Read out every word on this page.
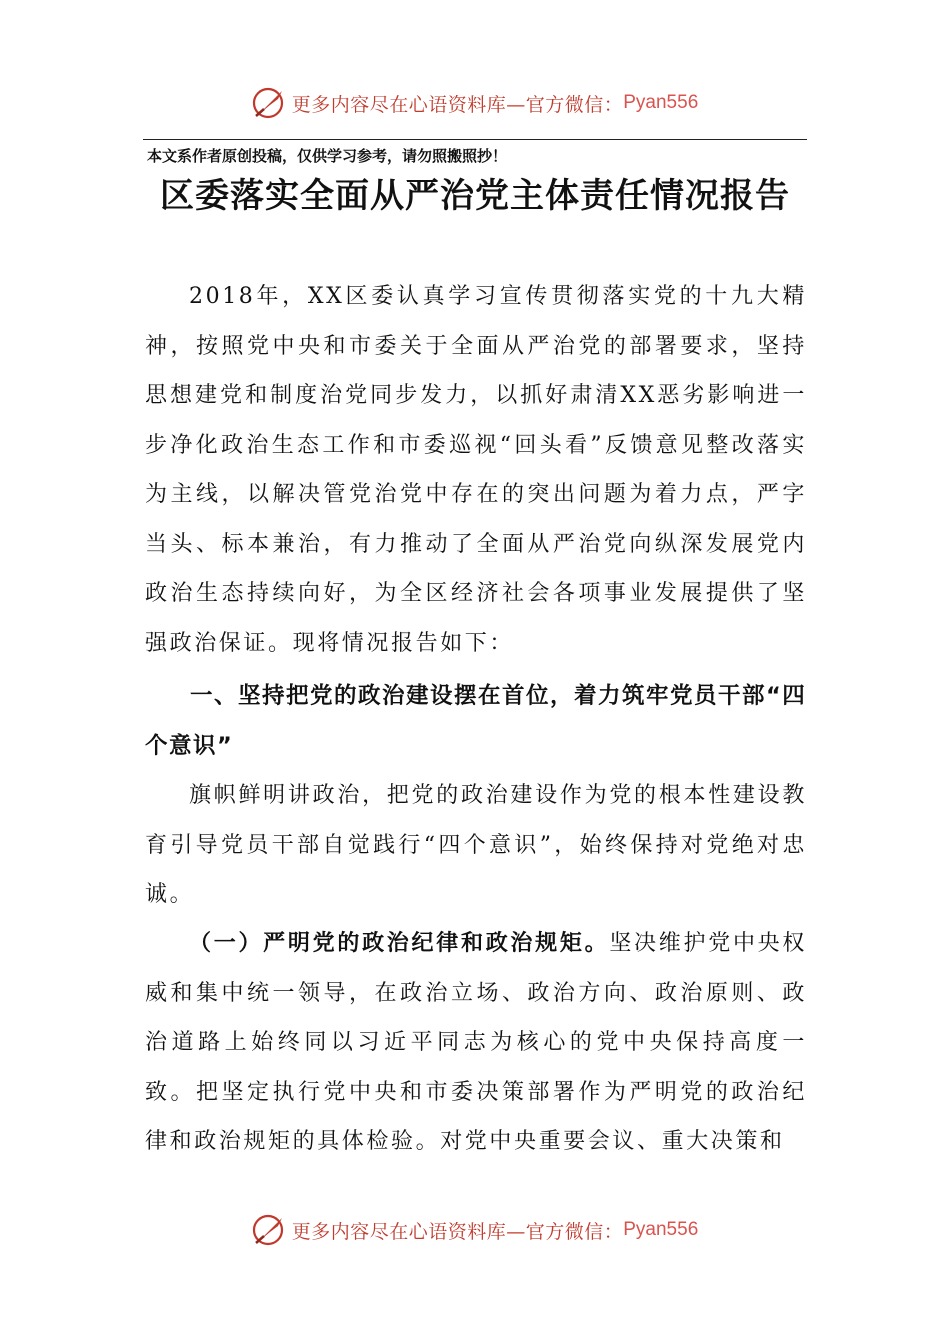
更多内容尽在心语资料库—官方微信： Pyan556
本文系作者原创投稿，仅供学习参考，请勿照搬照抄！
区委落实全面从严治党主体责任情况报告

2018年，XX区委认真学习宣传贯彻落实党的十九大精神，按照党中央和市委关于全面从严治党的部署要求，坚持思想建党和制度治党同步发力，以抓好肃清XX恶劣影响进一步净化政治生态工作和市委巡视“回头看”反馈意见整改落实为主线，以解决管党治党中存在的突出问题为着力点，严字当头、标本兼治，有力推动了全面从严治党向纵深发展党内政治生态持续向好，为全区经济社会各项事业发展提供了坚强政治保证。现将情况报告如下：

一、坚持把党的政治建设摆在首位，着力筑牢党员干部“四个意识”

旗帜鲜明讲政治，把党的政治建设作为党的根本性建设教育引导党员干部自觉践行“四个意识”，始终保持对党绝对忠诚。

（一）严明党的政治纪律和政治规矩。坚决维护党中央权威和集中统一领导，在政治立场、政治方向、政治原则、政治道路上始终同以习近平同志为核心的党中央保持高度一致。把坚定执行党中央和市委决策部署作为严明党的政治纪律和政治规矩的具体检验。对党中央重要会议、重大决策和

更多内容尽在心语资料库—官方微信： Pyan556
